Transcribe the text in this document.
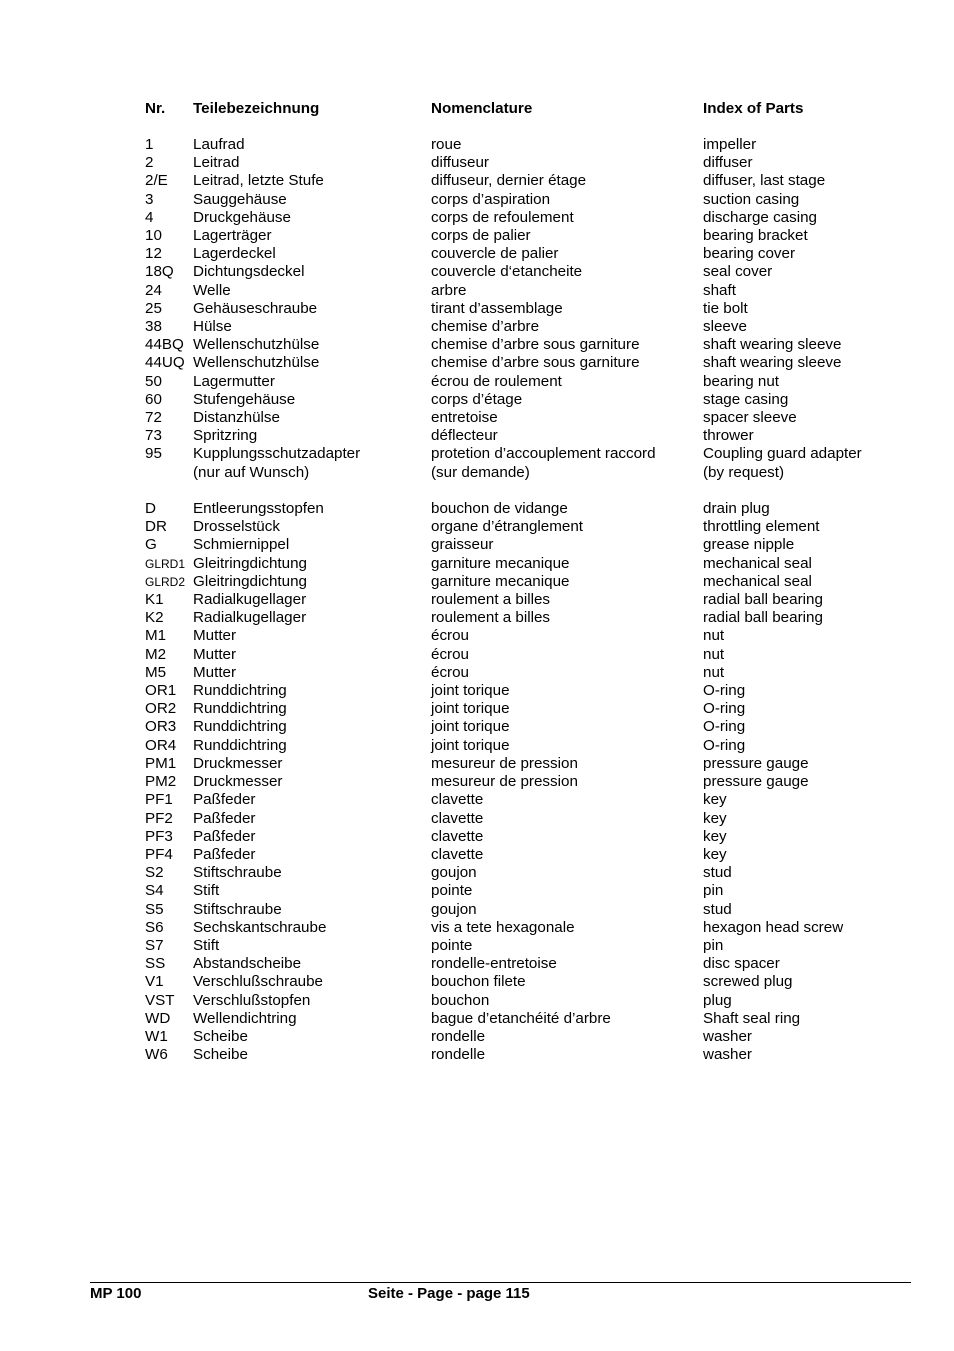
Nr.	Teilebezeichnung	Nomenclature	Index of Parts

1	Laufrad	roue	impeller
2	Leitrad	diffuseur	diffuser
2/E	Leitrad, letzte Stufe	diffuseur, dernier étage	diffuser, last stage
3	Sauggehäuse	corps d’aspiration	suction casing
4	Druckgehäuse	corps de refoulement	discharge casing
10	Lagerträger	corps de palier	bearing bracket
12	Lagerdeckel	couvercle de palier	bearing cover
18Q	Dichtungsdeckel	couvercle d‘etancheite	seal cover
24	Welle	arbre	shaft
25	Gehäuseschraube	tirant d’assemblage	tie bolt
38	Hülse	chemise d’arbre	sleeve
44BQ	Wellenschutzhülse	chemise d’arbre sous garniture	shaft wearing sleeve
44UQ	Wellenschutzhülse	chemise d’arbre sous garniture	shaft wearing sleeve
50	Lagermutter	écrou de roulement	bearing nut
60	Stufengehäuse	corps d’étage	stage casing
72	Distanzhülse	entretoise	spacer sleeve
73	Spritzring	déflecteur	thrower
95	Kupplungsschutzadapter	protetion d’accouplement raccord	Coupling guard adapter
	(nur auf Wunsch)	(sur demande)	(by request)

D	Entleerungsstopfen	bouchon de vidange	drain plug
DR	Drosselstück	organe d’étranglement	throttling element
G	Schmiernippel	graisseur	grease nipple
GLRD1	Gleitringdichtung	garniture mecanique	mechanical seal
GLRD2	Gleitringdichtung	garniture mecanique	mechanical seal
K1	Radialkugellager	roulement a billes	radial ball bearing
K2	Radialkugellager	roulement a billes	radial ball bearing
M1	Mutter	écrou	nut
M2	Mutter	écrou	nut
M5	Mutter	écrou	nut
OR1	Runddichtring	joint torique	O-ring
OR2	Runddichtring	joint torique	O-ring
OR3	Runddichtring	joint torique	O-ring
OR4	Runddichtring	joint torique	O-ring
PM1	Druckmesser	mesureur de pression	pressure gauge
PM2	Druckmesser	mesureur de pression	pressure gauge
PF1	Paßfeder	clavette	key
PF2	Paßfeder	clavette	key
PF3	Paßfeder	clavette	key
PF4	Paßfeder	clavette	key
S2	Stiftschraube	goujon	stud
S4	Stift	pointe	pin
S5	Stiftschraube	goujon	stud
S6	Sechskantschraube	vis a tete hexagonale	hexagon head screw
S7	Stift	pointe	pin
SS	Abstandscheibe	rondelle-entretoise	disc spacer
V1	Verschlußschraube	bouchon filete	screwed plug
VST	Verschlußstopfen	bouchon	plug
WD	Wellendichtring	bague d’etanchéité d’arbre	Shaft seal ring
W1	Scheibe	rondelle	washer
W6	Scheibe	rondelle	washer
MP 100	Seite - Page - page 115
